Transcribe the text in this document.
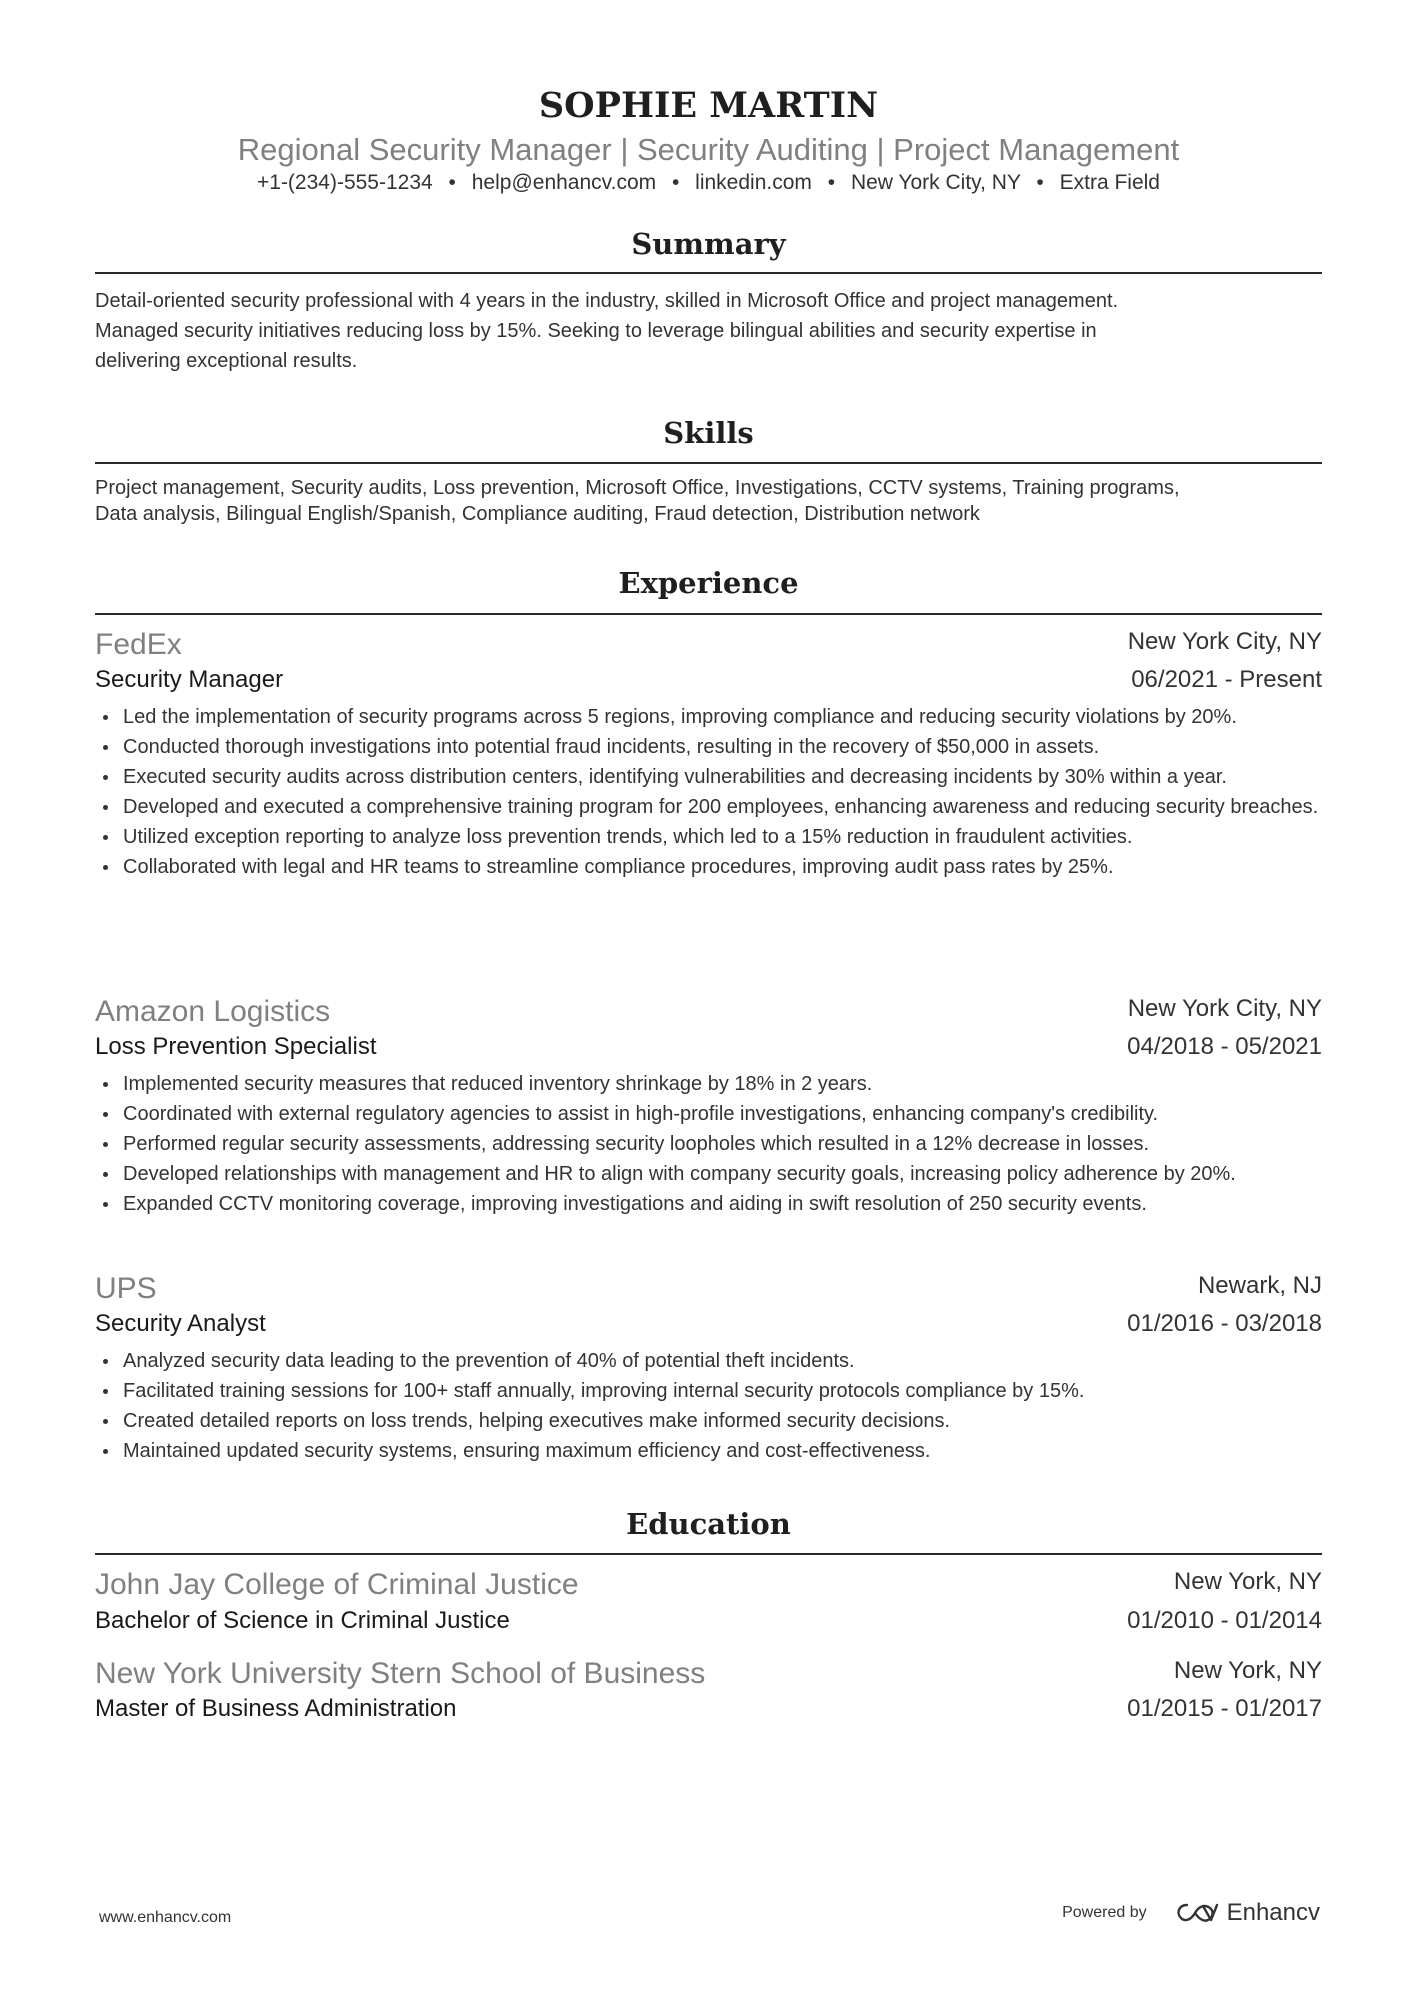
SOPHIE MARTIN
Regional Security Manager | Security Auditing | Project Management
+1-(234)-555-1234 • help@enhancv.com • linkedin.com • New York City, NY • Extra Field
Summary
Detail-oriented security professional with 4 years in the industry, skilled in Microsoft Office and project management.
Managed security initiatives reducing loss by 15%. Seeking to leverage bilingual abilities and security expertise in
delivering exceptional results.
Skills
Project management, Security audits, Loss prevention, Microsoft Office, Investigations, CCTV systems, Training programs,
Data analysis, Bilingual English/Spanish, Compliance auditing, Fraud detection, Distribution network
Experience
FedEx	New York City, NY
Security Manager	06/2021 - Present
Led the implementation of security programs across 5 regions, improving compliance and reducing security violations by 20%.
Conducted thorough investigations into potential fraud incidents, resulting in the recovery of $50,000 in assets.
Executed security audits across distribution centers, identifying vulnerabilities and decreasing incidents by 30% within a year.
Developed and executed a comprehensive training program for 200 employees, enhancing awareness and reducing security breaches.
Utilized exception reporting to analyze loss prevention trends, which led to a 15% reduction in fraudulent activities.
Collaborated with legal and HR teams to streamline compliance procedures, improving audit pass rates by 25%.
Amazon Logistics	New York City, NY
Loss Prevention Specialist	04/2018 - 05/2021
Implemented security measures that reduced inventory shrinkage by 18% in 2 years.
Coordinated with external regulatory agencies to assist in high-profile investigations, enhancing company's credibility.
Performed regular security assessments, addressing security loopholes which resulted in a 12% decrease in losses.
Developed relationships with management and HR to align with company security goals, increasing policy adherence by 20%.
Expanded CCTV monitoring coverage, improving investigations and aiding in swift resolution of 250 security events.
UPS	Newark, NJ
Security Analyst	01/2016 - 03/2018
Analyzed security data leading to the prevention of 40% of potential theft incidents.
Facilitated training sessions for 100+ staff annually, improving internal security protocols compliance by 15%.
Created detailed reports on loss trends, helping executives make informed security decisions.
Maintained updated security systems, ensuring maximum efficiency and cost-effectiveness.
Education
John Jay College of Criminal Justice	New York, NY
Bachelor of Science in Criminal Justice	01/2010 - 01/2014
New York University Stern School of Business	New York, NY
Master of Business Administration	01/2015 - 01/2017
www.enhancv.com	Powered by	Enhancv
